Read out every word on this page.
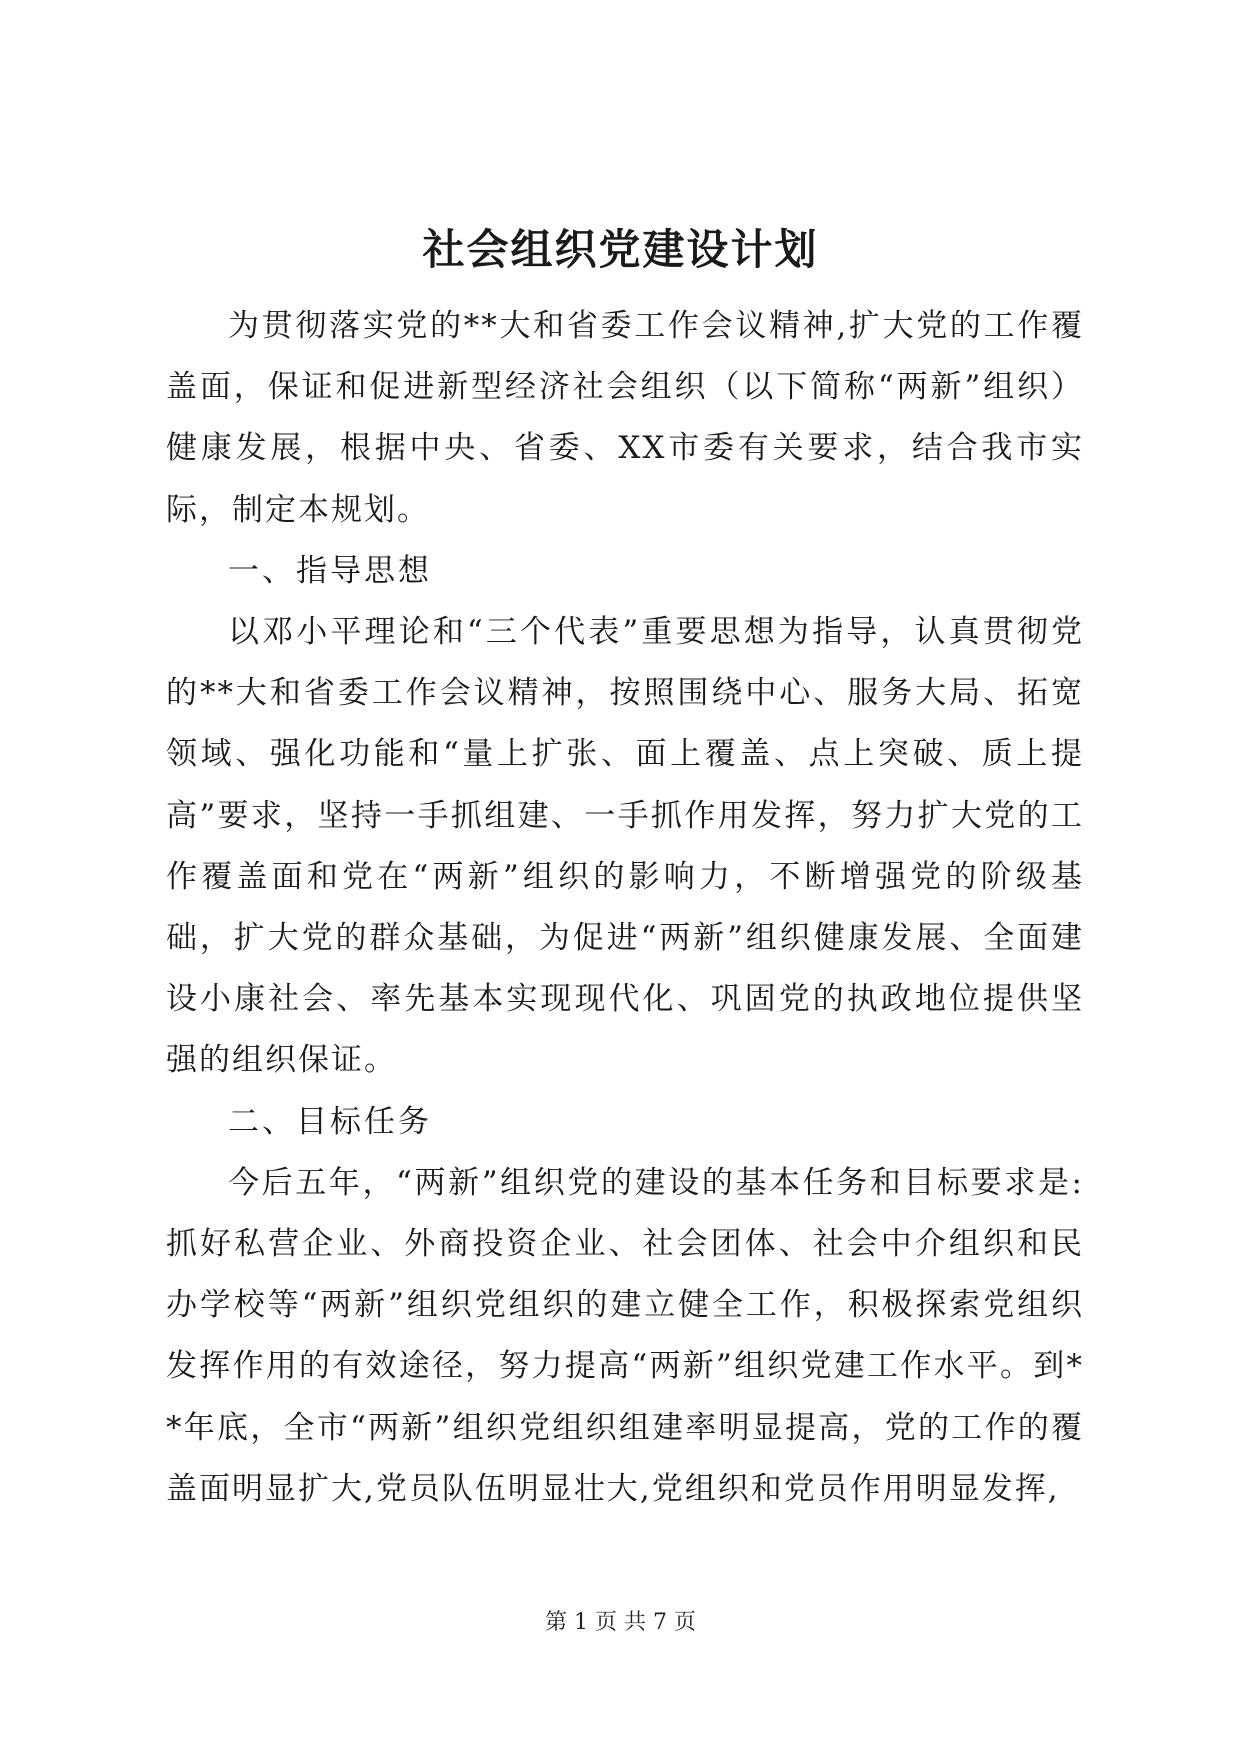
社会组织党建设计划

为贯彻落实党的**大和省委工作会议精神,扩大党的工作覆盖面，保证和促进新型经济社会组织（以下简称“两新”组织）健康发展，根据中央、省委、XX市委有关要求，结合我市实际，制定本规划。

一、指导思想

以邓小平理论和“三个代表”重要思想为指导，认真贯彻党的**大和省委工作会议精神，按照围绕中心、服务大局、拓宽领域、强化功能和“量上扩张、面上覆盖、点上突破、质上提高”要求，坚持一手抓组建、一手抓作用发挥，努力扩大党的工作覆盖面和党在“两新”组织的影响力，不断增强党的阶级基础，扩大党的群众基础，为促进“两新”组织健康发展、全面建设小康社会、率先基本实现现代化、巩固党的执政地位提供坚强的组织保证。

二、目标任务

今后五年，“两新”组织党的建设的基本任务和目标要求是:抓好私营企业、外商投资企业、社会团体、社会中介组织和民办学校等“两新”组织党组织的建立健全工作，积极探索党组织发挥作用的有效途径，努力提高“两新”组织党建工作水平。到**年底，全市“两新”组织党组织组建率明显提高，党的工作的覆盖面明显扩大,党员队伍明显壮大,党组织和党员作用明显发挥,

第 1 页 共 7 页
